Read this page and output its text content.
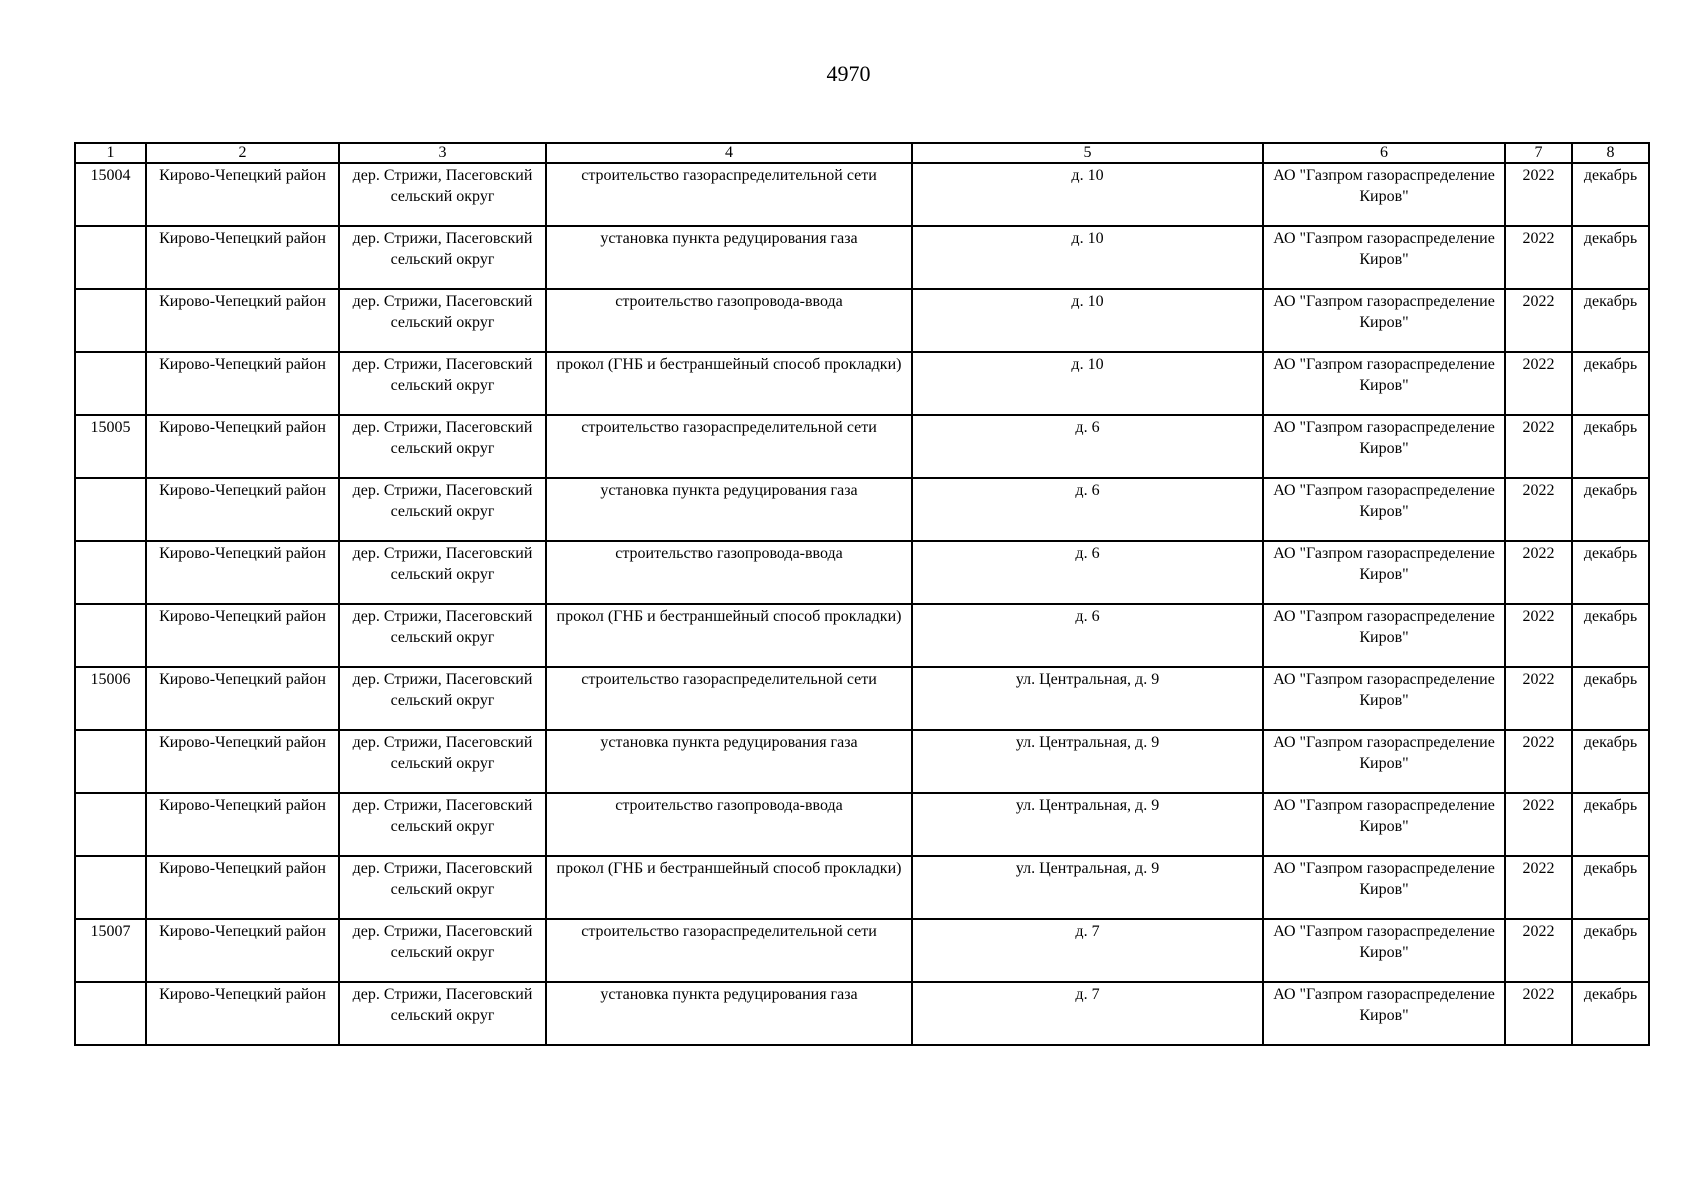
4970
1	2	3	4	5	6	7	8
15004	Кирово-Чепецкий район	дер. Стрижи, Пасеговский сельский округ	строительство газораспределительной сети	д. 10	АО "Газпром газораспределение Киров"	2022	декабрь
	Кирово-Чепецкий район	дер. Стрижи, Пасеговский сельский округ	установка пункта редуцирования газа	д. 10	АО "Газпром газораспределение Киров"	2022	декабрь
	Кирово-Чепецкий район	дер. Стрижи, Пасеговский сельский округ	строительство газопровода-ввода	д. 10	АО "Газпром газораспределение Киров"	2022	декабрь
	Кирово-Чепецкий район	дер. Стрижи, Пасеговский сельский округ	прокол (ГНБ и бестраншейный способ прокладки)	д. 10	АО "Газпром газораспределение Киров"	2022	декабрь
15005	Кирово-Чепецкий район	дер. Стрижи, Пасеговский сельский округ	строительство газораспределительной сети	д. 6	АО "Газпром газораспределение Киров"	2022	декабрь
	Кирово-Чепецкий район	дер. Стрижи, Пасеговский сельский округ	установка пункта редуцирования газа	д. 6	АО "Газпром газораспределение Киров"	2022	декабрь
	Кирово-Чепецкий район	дер. Стрижи, Пасеговский сельский округ	строительство газопровода-ввода	д. 6	АО "Газпром газораспределение Киров"	2022	декабрь
	Кирово-Чепецкий район	дер. Стрижи, Пасеговский сельский округ	прокол (ГНБ и бестраншейный способ прокладки)	д. 6	АО "Газпром газораспределение Киров"	2022	декабрь
15006	Кирово-Чепецкий район	дер. Стрижи, Пасеговский сельский округ	строительство газораспределительной сети	ул. Центральная, д. 9	АО "Газпром газораспределение Киров"	2022	декабрь
	Кирово-Чепецкий район	дер. Стрижи, Пасеговский сельский округ	установка пункта редуцирования газа	ул. Центральная, д. 9	АО "Газпром газораспределение Киров"	2022	декабрь
	Кирово-Чепецкий район	дер. Стрижи, Пасеговский сельский округ	строительство газопровода-ввода	ул. Центральная, д. 9	АО "Газпром газораспределение Киров"	2022	декабрь
	Кирово-Чепецкий район	дер. Стрижи, Пасеговский сельский округ	прокол (ГНБ и бестраншейный способ прокладки)	ул. Центральная, д. 9	АО "Газпром газораспределение Киров"	2022	декабрь
15007	Кирово-Чепецкий район	дер. Стрижи, Пасеговский сельский округ	строительство газораспределительной сети	д. 7	АО "Газпром газораспределение Киров"	2022	декабрь
	Кирово-Чепецкий район	дер. Стрижи, Пасеговский сельский округ	установка пункта редуцирования газа	д. 7	АО "Газпром газораспределение Киров"	2022	декабрь
